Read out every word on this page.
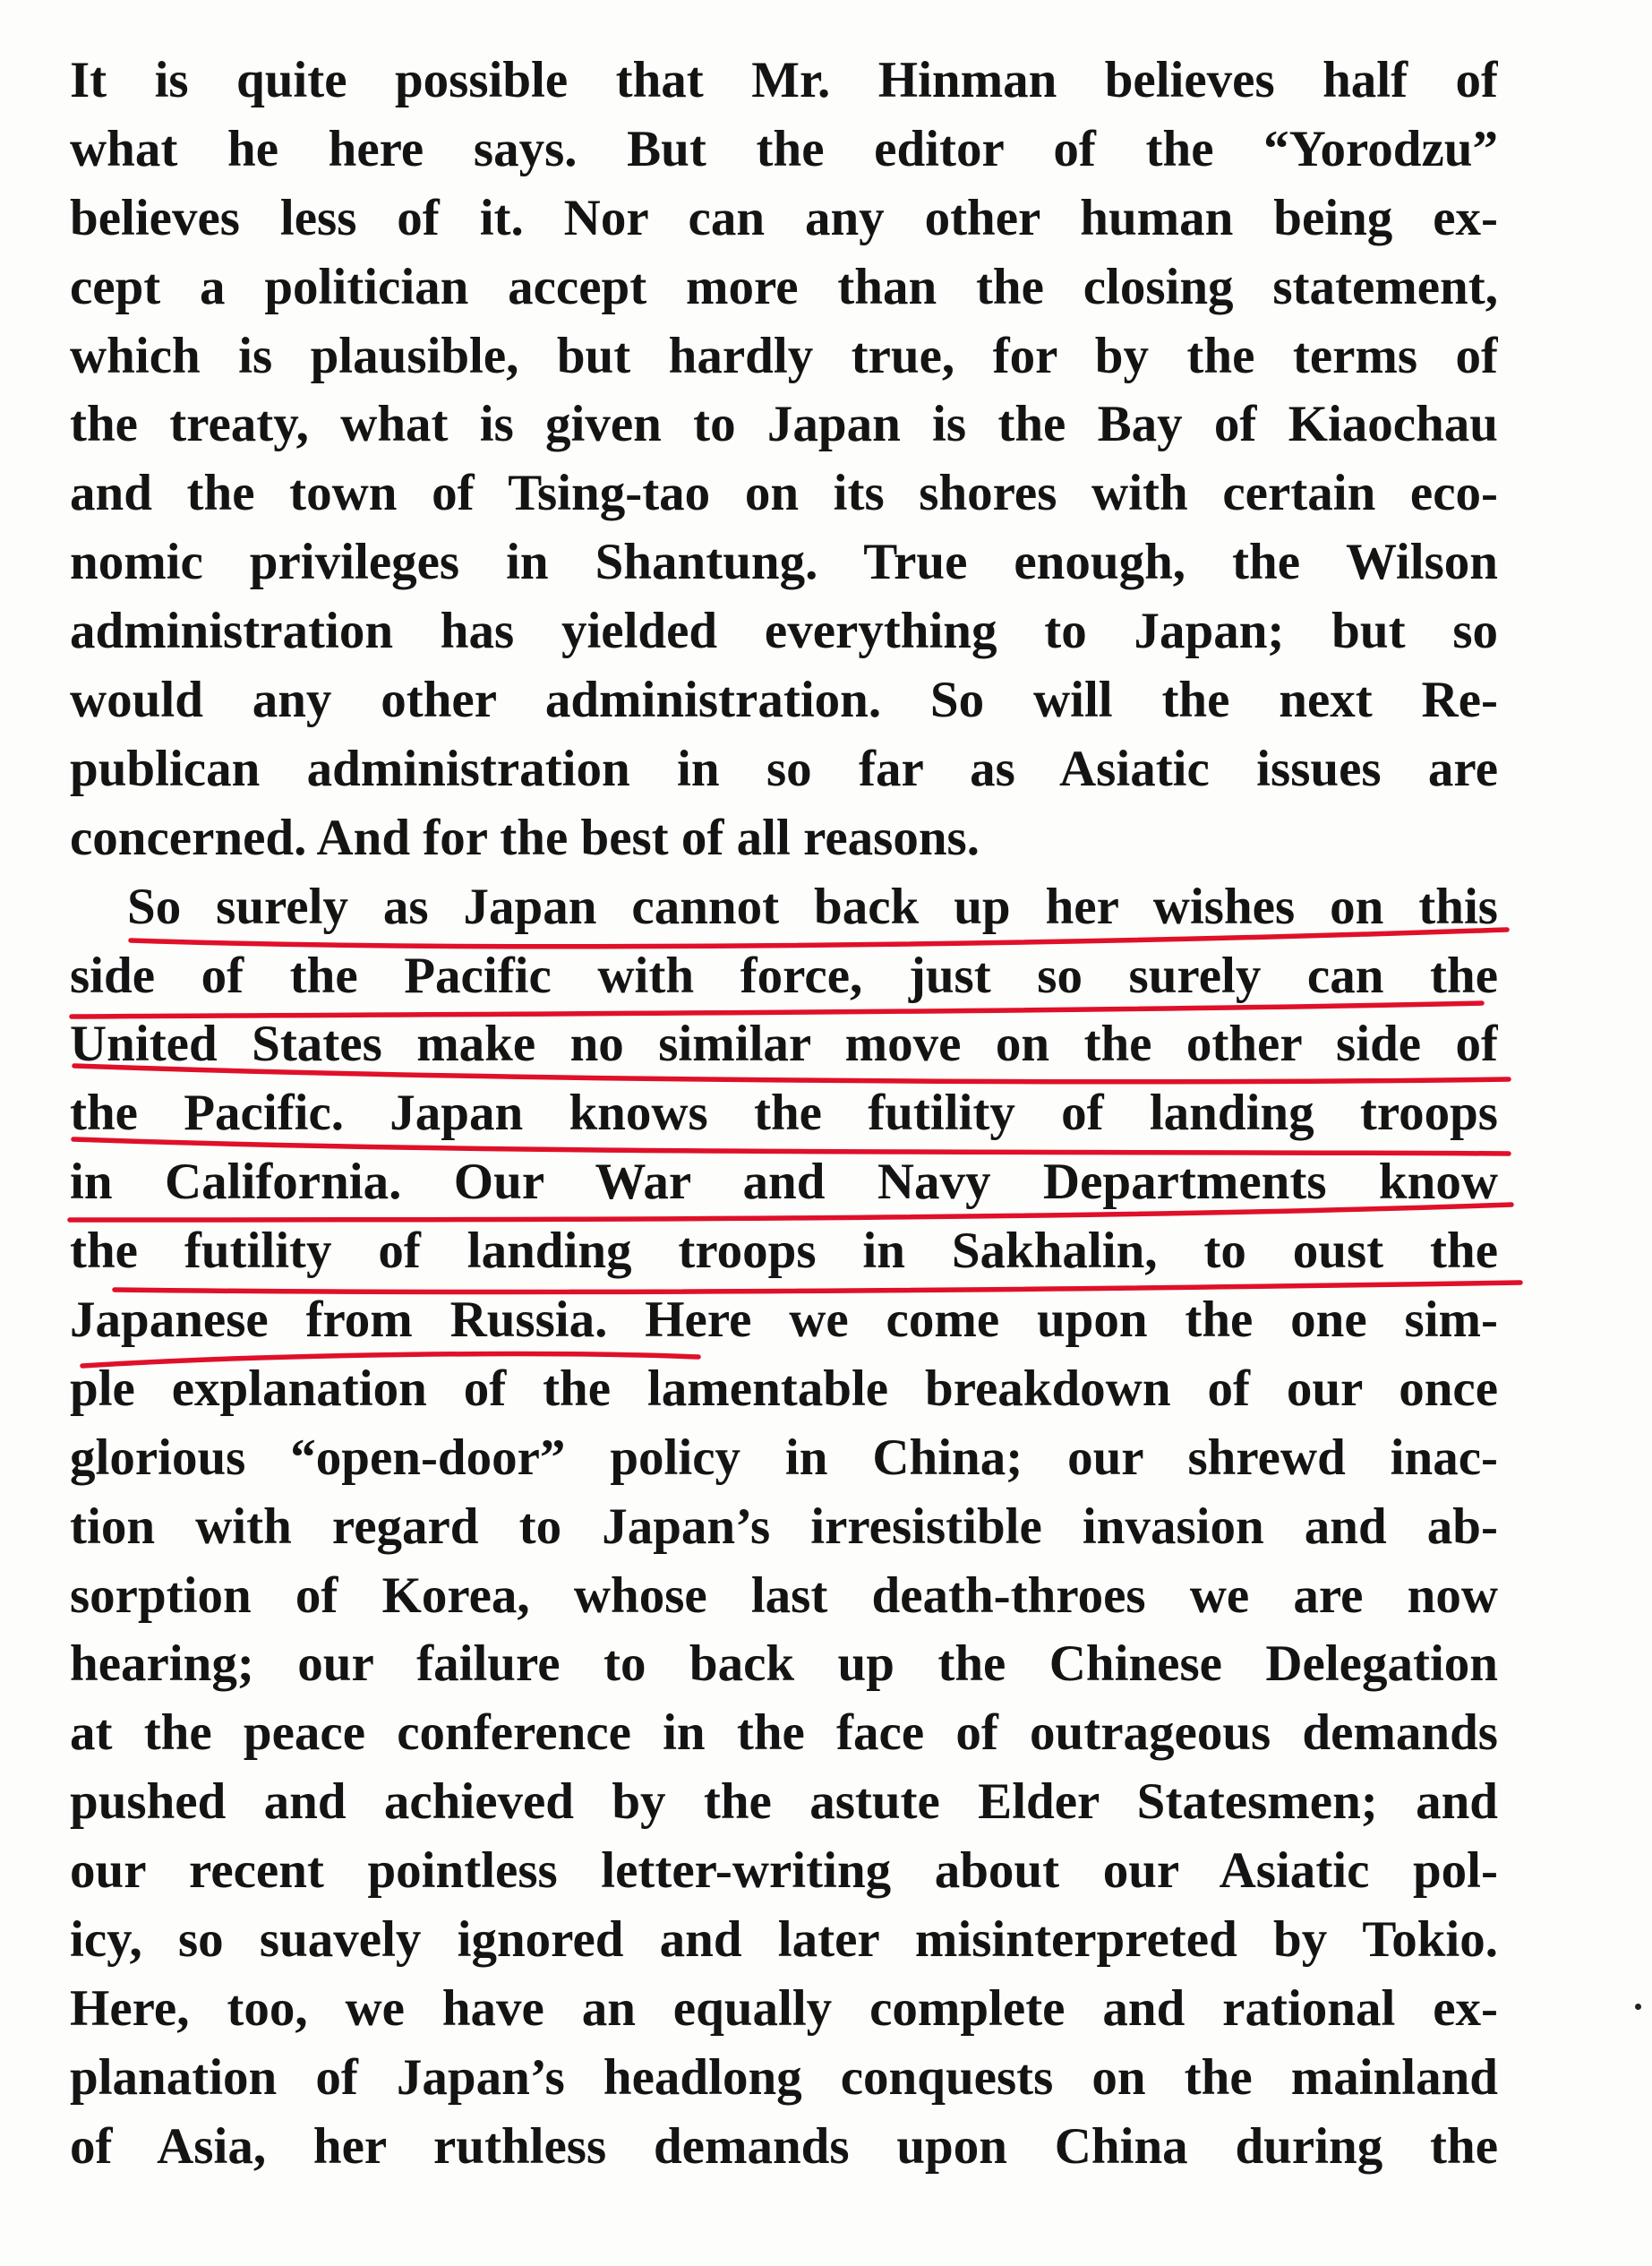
It is quite possible that Mr. Hinman believes half of
what he here says. But the editor of the “Yorodzu”
believes less of it. Nor can any other human being ex-
cept a politician accept more than the closing statement,
which is plausible, but hardly true, for by the terms of
the treaty, what is given to Japan is the Bay of Kiaochau
and the town of Tsing-tao on its shores with certain eco-
nomic privileges in Shantung. True enough, the Wilson
administration has yielded everything to Japan; but so
would any other administration. So will the next Re-
publican administration in so far as Asiatic issues are
concerned. And for the best of all reasons.
So surely as Japan cannot back up her wishes on this
side of the Pacific with force, just so surely can the
United States make no similar move on the other side of
the Pacific. Japan knows the futility of landing troops
in California. Our War and Navy Departments know
the futility of landing troops in Sakhalin, to oust the
Japanese from Russia. Here we come upon the one sim-
ple explanation of the lamentable breakdown of our once
glorious “open-door” policy in China; our shrewd inac-
tion with regard to Japan’s irresistible invasion and ab-
sorption of Korea, whose last death-throes we are now
hearing; our failure to back up the Chinese Delegation
at the peace conference in the face of outrageous demands
pushed and achieved by the astute Elder Statesmen; and
our recent pointless letter-writing about our Asiatic pol-
icy, so suavely ignored and later misinterpreted by Tokio.
Here, too, we have an equally complete and rational ex-
planation of Japan’s headlong conquests on the mainland
of Asia, her ruthless demands upon China during the
